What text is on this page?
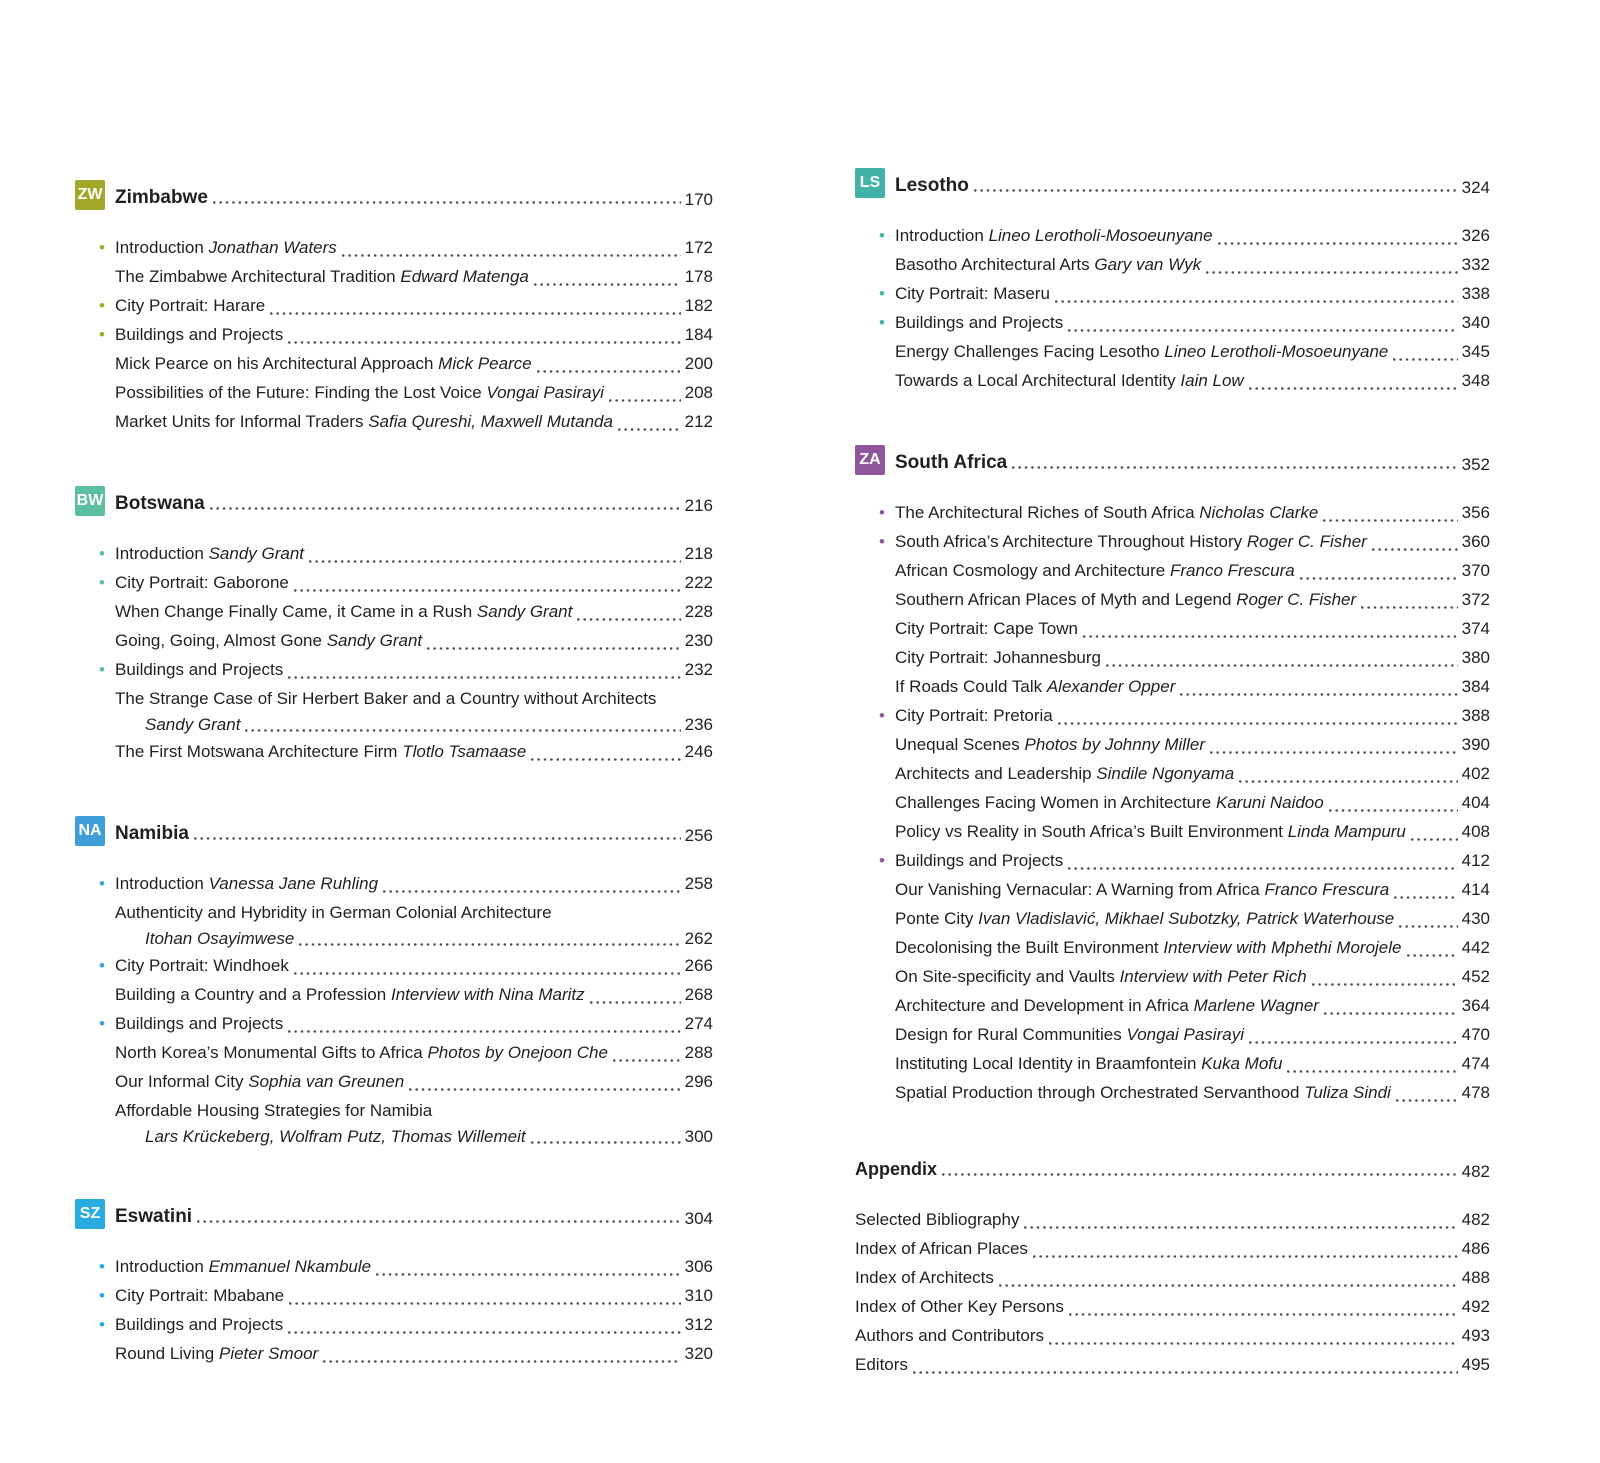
ZW Zimbabwe	170
• Introduction Jonathan Waters	172
The Zimbabwe Architectural Tradition Edward Matenga	178
• City Portrait: Harare	182
• Buildings and Projects	184
Mick Pearce on his Architectural Approach Mick Pearce	200
Possibilities of the Future: Finding the Lost Voice Vongai Pasirayi	208
Market Units for Informal Traders Safia Qureshi, Maxwell Mutanda	212
BW Botswana	216
• Introduction Sandy Grant	218
• City Portrait: Gaborone	222
When Change Finally Came, it Came in a Rush Sandy Grant	228
Going, Going, Almost Gone Sandy Grant	230
• Buildings and Projects	232
The Strange Case of Sir Herbert Baker and a Country without Architects
Sandy Grant	236
The First Motswana Architecture Firm Tlotlo Tsamaase	246
NA Namibia	256
• Introduction Vanessa Jane Ruhling	258
Authenticity and Hybridity in German Colonial Architecture
Itohan Osayimwese	262
• City Portrait: Windhoek	266
Building a Country and a Profession Interview with Nina Maritz	268
• Buildings and Projects	274
North Korea’s Monumental Gifts to Africa Photos by Onejoon Che	288
Our Informal City Sophia van Greunen	296
Affordable Housing Strategies for Namibia
Lars Krückeberg, Wolfram Putz, Thomas Willemeit	300
SZ Eswatini	304
• Introduction Emmanuel Nkambule	306
• City Portrait: Mbabane	310
• Buildings and Projects	312
Round Living Pieter Smoor	320
LS Lesotho	324
• Introduction Lineo Lerotholi-Mosoeunyane	326
Basotho Architectural Arts Gary van Wyk	332
• City Portrait: Maseru	338
• Buildings and Projects	340
Energy Challenges Facing Lesotho Lineo Lerotholi-Mosoeunyane	345
Towards a Local Architectural Identity Iain Low	348
ZA South Africa	352
• The Architectural Riches of South Africa Nicholas Clarke	356
• South Africa’s Architecture Throughout History Roger C. Fisher	360
African Cosmology and Architecture Franco Frescura	370
Southern African Places of Myth and Legend Roger C. Fisher	372
City Portrait: Cape Town	374
City Portrait: Johannesburg	380
If Roads Could Talk Alexander Opper	384
• City Portrait: Pretoria	388
Unequal Scenes Photos by Johnny Miller	390
Architects and Leadership Sindile Ngonyama	402
Challenges Facing Women in Architecture Karuni Naidoo	404
Policy vs Reality in South Africa’s Built Environment Linda Mampuru	408
• Buildings and Projects	412
Our Vanishing Vernacular: A Warning from Africa Franco Frescura	414
Ponte City Ivan Vladislavić, Mikhael Subotzky, Patrick Waterhouse	430
Decolonising the Built Environment Interview with Mphethi Morojele	442
On Site-specificity and Vaults Interview with Peter Rich	452
Architecture and Development in Africa Marlene Wagner	364
Design for Rural Communities Vongai Pasirayi	470
Instituting Local Identity in Braamfontein Kuka Mofu	474
Spatial Production through Orchestrated Servanthood Tuliza Sindi	478
Appendix	482
Selected Bibliography	482
Index of African Places	486
Index of Architects	488
Index of Other Key Persons	492
Authors and Contributors	493
Editors	495
